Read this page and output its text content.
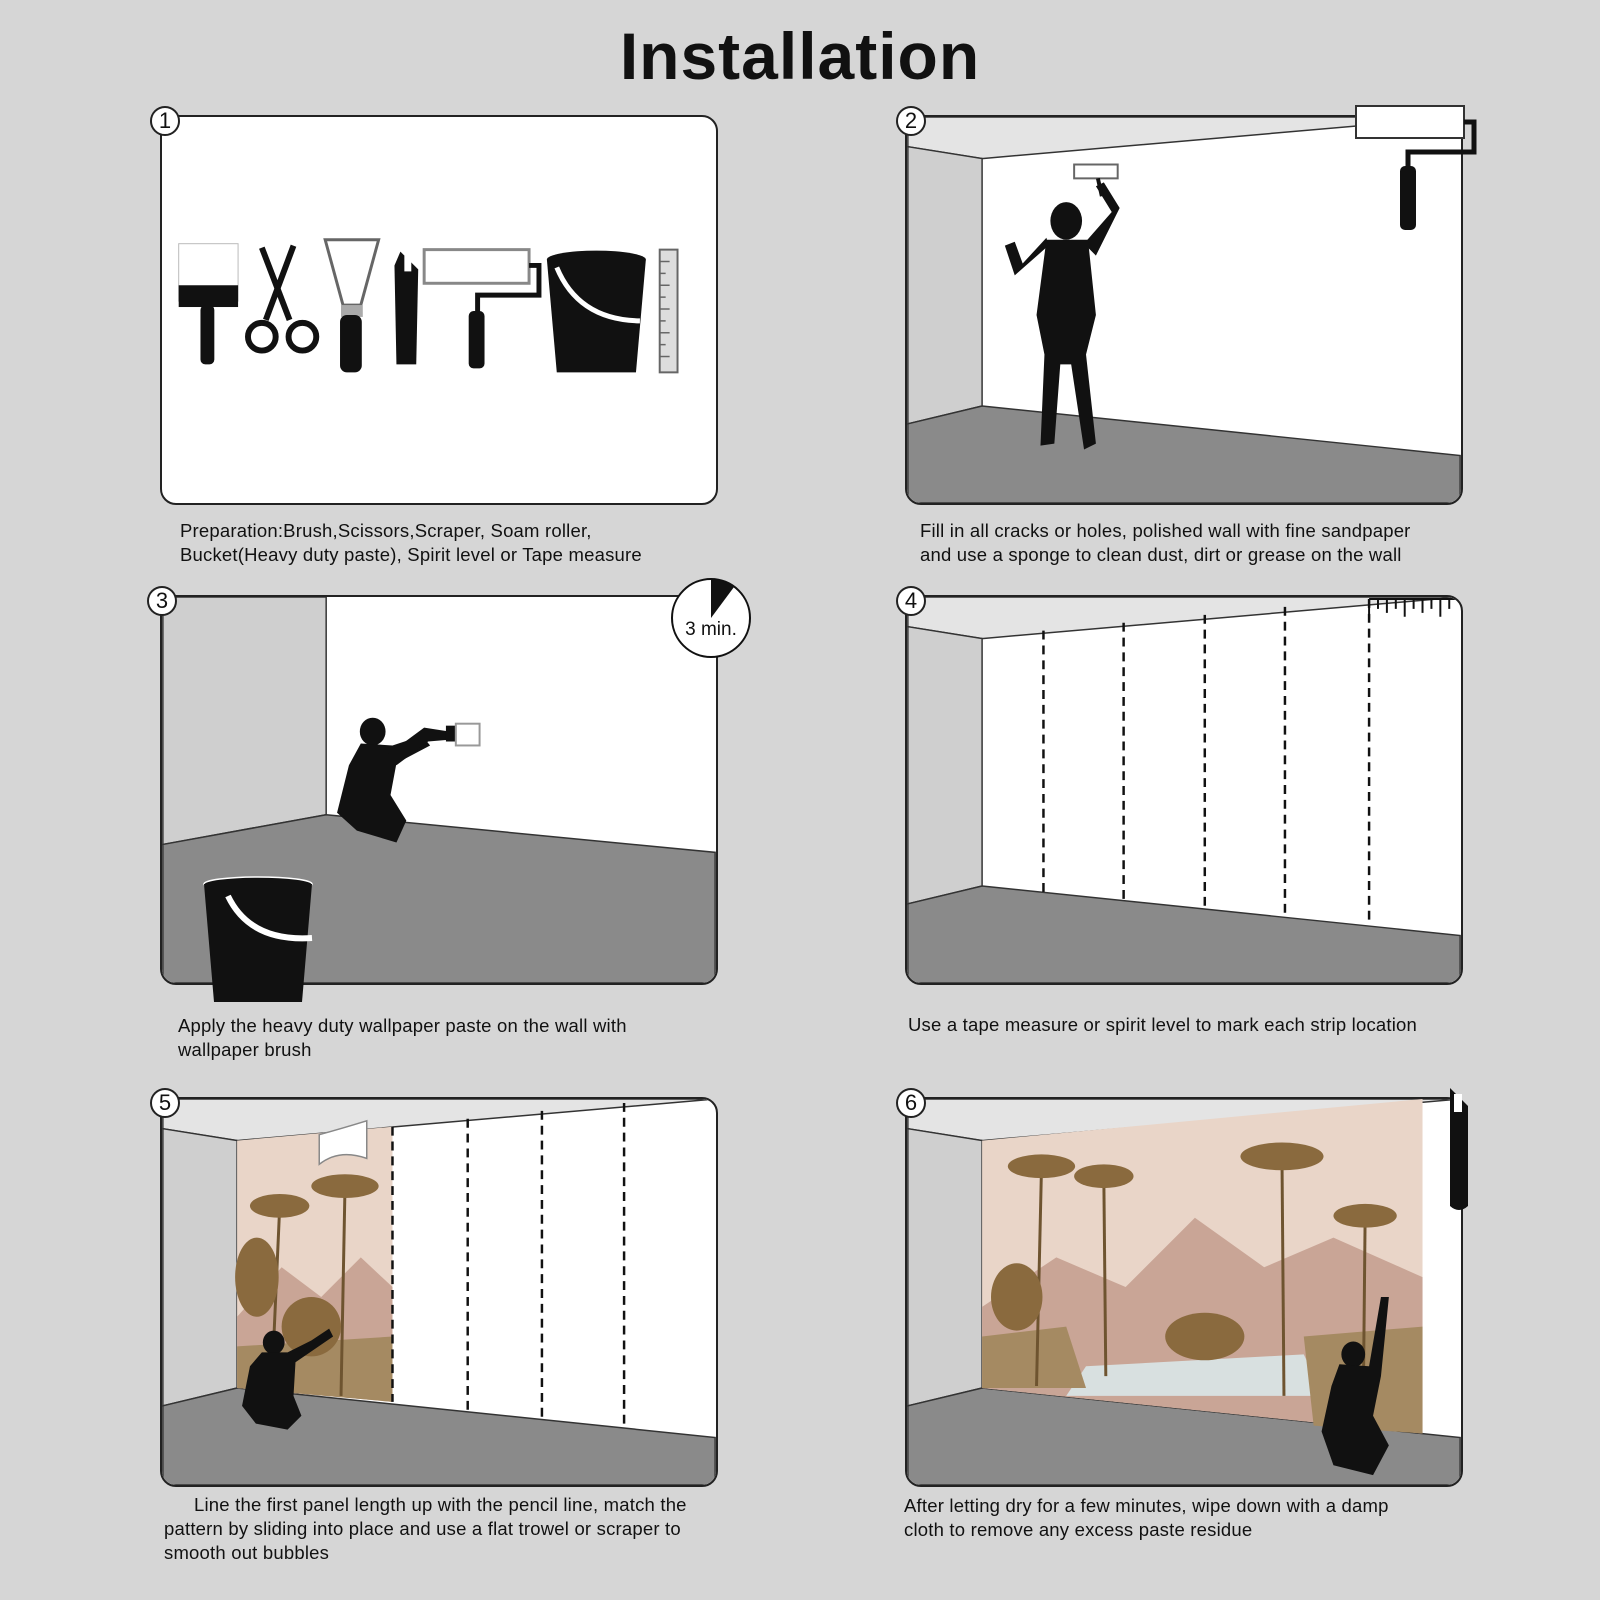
Installation
1
Preparation:Brush,Scissors,Scraper, Soam roller,
Bucket(Heavy duty paste), Spirit level or Tape measure
2
Fill in all cracks or holes, polished wall with fine sandpaper
and use a sponge to clean dust, dirt or grease on the wall
3 min.
3
Apply the heavy duty wallpaper paste on the wall with
wallpaper brush
4
Use a tape measure or spirit level to mark each strip location
5
Line the first panel length up with the pencil line, match the
pattern by sliding into place and use a flat trowel or scraper to
smooth out bubbles
6
After letting dry for a few minutes, wipe down with a damp
cloth to remove any excess paste residue
